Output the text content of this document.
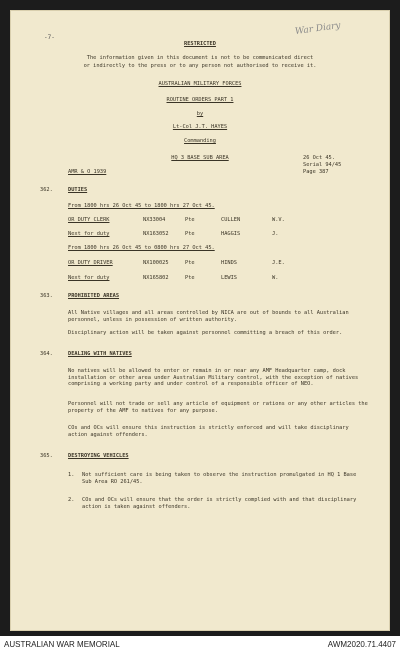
War Diary
-7-
RESTRICTED
The information given in this document is not to be communicated direct
or indirectly to the press or to any person not authorised to receive it.
AUSTRALIAN MILITARY FORCES
ROUTINE ORDERS PART 1
by
Lt-Col J.T. HAYES
Commanding
HQ 3 BASE SUB AREA	26 Oct 45.
Serial 94/45
Page 387
AMR & O 1939
362.	DUTIES
From 1800 hrs 26 Oct 45 to 1800 hrs 27 Oct 45.
OR DUTY CLERK	NX33004	Pte	CULLEN	W.V.
Next for duty	NX163052	Pte	HAGGIS	J.
From 1800 hrs 26 Oct 45 to 0800 hrs 27 Oct 45.
OR DUTY DRIVER	NX100025	Pte	HINDS	J.E.
Next for duty	NX165802	Pte	LEWIS	W.
363.	PROHIBITED AREAS
All Native villages and all areas controlled by NICA are out of bounds to all Australian personnel, unless in possession of written authority.
Disciplinary action will be taken against personnel committing a breach of this order.
364.	DEALING WITH NATIVES
No natives will be allowed to enter or remain in or near any AMF Headquarter camp, dock installation or other area under Australian Military control, with the exception of natives comprising a working party and under control of a responsible officer of NEO.
Personnel will not trade or sell any article of equipment or rations or any other articles the property of the AMF to natives for any purpose.
COs and OCs will ensure this instruction is strictly enforced and will take disciplinary action against offenders.
365.	DESTROYING VEHICLES
1. Not sufficient care is being taken to observe the instruction promulgated in HQ 1 Base Sub Area RO 261/45.
2. COs and OCs will ensure that the order is strictly complied with and that disciplinary action is taken against offenders.
AUSTRALIAN WAR MEMORIAL	AWM2020.71.4407
